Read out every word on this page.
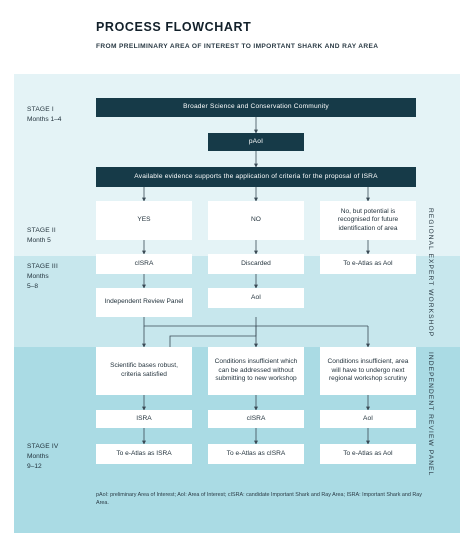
PROCESS FLOWCHART
FROM PRELIMINARY AREA OF INTEREST TO IMPORTANT SHARK AND RAY AREA
STAGE I
Months 1–4
STAGE II
Month 5
STAGE III
Months
5–8
STAGE IV
Months
9–12
Broader Science and Conservation Community
pAoI
Available evidence supports the application of criteria for the proposal of ISRA
YES	NO
No, but potential is recognised for future identification of area
cISRA	Discarded	To e-Atlas as AoI
Independent Review Panel
AoI
Scientific bases robust, criteria satisfied
Conditions insufficient which can be addressed without submitting to new workshop
Conditions insufficient, area will have to undergo next regional workshop scrutiny
ISRA	cISRA	AoI
To e-Atlas as ISRA	To e-Atlas as cISRA	To e-Atlas as AoI
REGIONAL EXPERT WORKSHOP
INDEPENDENT REVIEW PANEL
pAoI: preliminary Area of Interest; AoI: Area of Interest; cISRA: candidate Important Shark and Ray Area; ISRA: Important Shark and Ray Area.
